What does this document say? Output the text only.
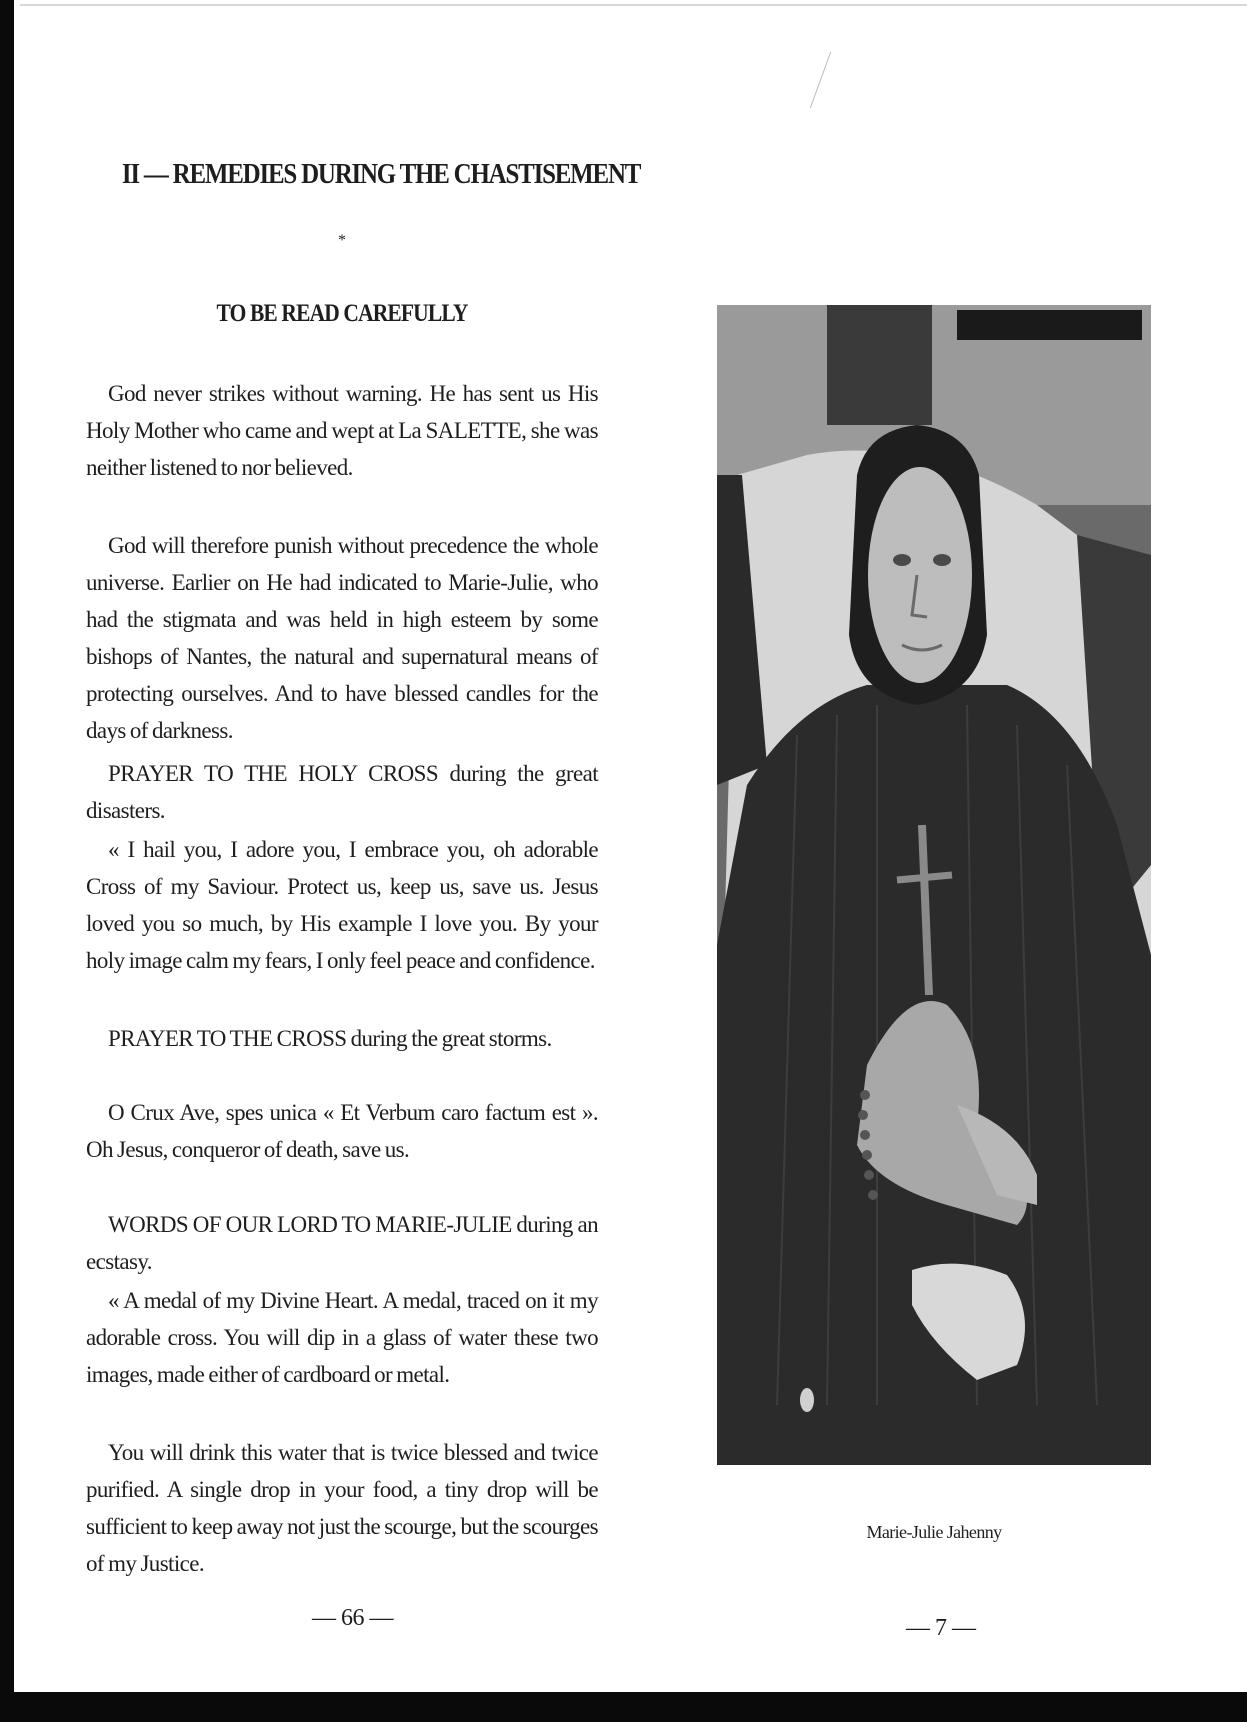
II — REMEDIES DURING THE CHASTISEMENT
*
TO BE READ CAREFULLY
God never strikes without warning. He has sent us His Holy Mother who came and wept at La SALETTE, she was neither listened to nor believed.
God will therefore punish without precedence the whole universe. Earlier on He had indicated to Marie-Julie, who had the stigmata and was held in high esteem by some bishops of Nantes, the natural and supernatural means of protecting ourselves. And to have blessed candles for the days of darkness.
PRAYER TO THE HOLY CROSS during the great disasters.
« I hail you, I adore you, I embrace you, oh adorable Cross of my Saviour. Protect us, keep us, save us. Jesus loved you so much, by His example I love you. By your holy image calm my fears, I only feel peace and confidence.
PRAYER TO THE CROSS during the great storms.
O Crux Ave, spes unica « Et Verbum caro factum est ». Oh Jesus, conqueror of death, save us.
WORDS OF OUR LORD TO MARIE-JULIE during an ecstasy.
« A medal of my Divine Heart. A medal, traced on it my adorable cross. You will dip in a glass of water these two images, made either of cardboard or metal.
You will drink this water that is twice blessed and twice purified. A single drop in your food, a tiny drop will be sufficient to keep away not just the scourge, but the scourges of my Justice.
— 66 —
Marie-Julie Jahenny
— 7 —
